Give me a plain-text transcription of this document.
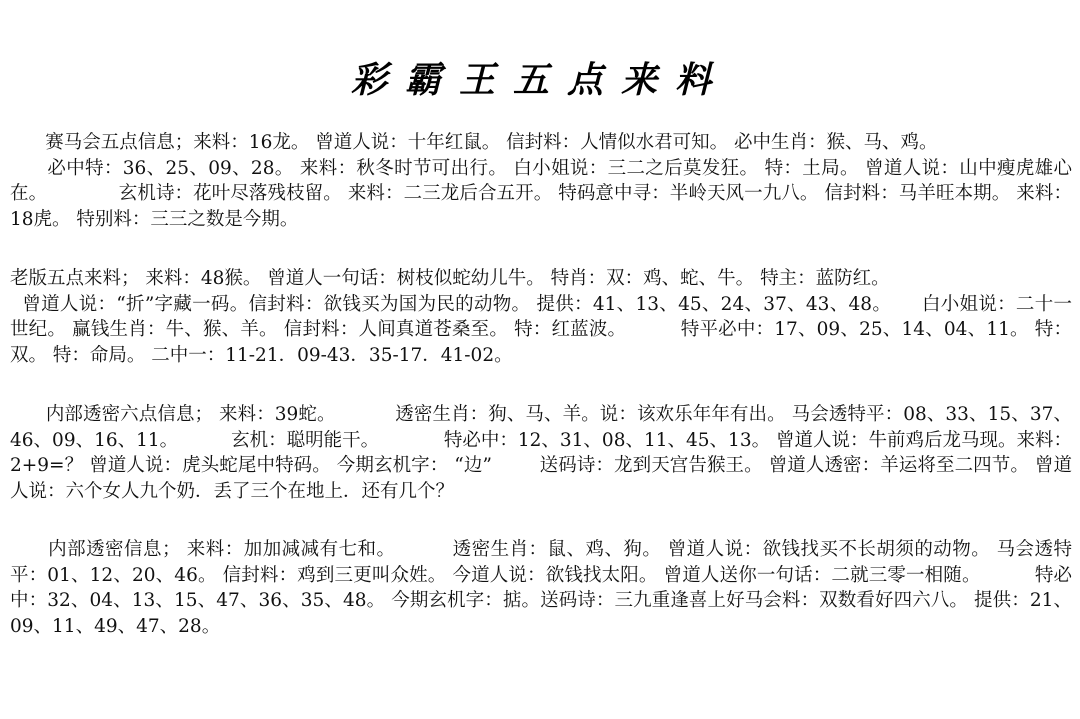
彩霸王五点来料
赛马会五点信息；来料：16龙。 曾道人说：十年红鼠。 信封料：人情似水君可知。 必中生肖：猴、马、鸡。
必中特：36、25、09、28。 来料：秋冬时节可出行。 白小姐说：三二之后莫发狂。 特：土局。 曾道人说：山中瘦虎雄心在。            玄机诗：花叶尽落残枝留。 来料：二三龙后合五开。 特码意中寻：半岭天风一九八。 信封料：马羊旺本期。 来料：18虎。 特别料：三三之数是今期。
老版五点来料； 来料：48猴。 曾道人一句话：树枝似蛇幼儿牛。 特肖：双：鸡、蛇、牛。 特主：蓝防红。
曾道人说：“折”字藏一码。信封料：欲钱买为国为民的动物。 提供：41、13、45、24、37、43、48。     白小姐说：二十一世纪。 赢钱生肖：牛、猴、羊。 信封料：人间真道苍桑至。 特：红蓝波。         特平必中：17、09、25、14、04、11。 特：双。 特：命局。 二中一：11-21．09-43．35-17．41-02。
内部透密六点信息； 来料：39蛇。          透密生肖：狗、马、羊。说：该欢乐年年有出。 马会透特平：08、33、15、37、46、09、16、11。         玄机：聪明能干。           特必中：12、31、08、11、45、13。 曾道人说：牛前鸡后龙马现。来料：2+9=？ 曾道人说：虎头蛇尾中特码。 今期玄机字： “边”        送码诗：龙到天宫告猴王。 曾道人透密：羊运将至二四节。 曾道人说：六个女人九个奶．丢了三个在地上．还有几个？
内部透密信息； 来料：加加减减有七和。         透密生肖：鼠、鸡、狗。 曾道人说：欲钱找买不长胡须的动物。 马会透特平：01、12、20、46。 信封料：鸡到三更叫众姓。 今道人说：欲钱找太阳。 曾道人送你一句话：二就三零一相随。         特必中：32、04、13、15、47、36、35、48。 今期玄机字：掂。送码诗：三九重逢喜上好马会料：双数看好四六八。 提供：21、09、11、49、47、28。
